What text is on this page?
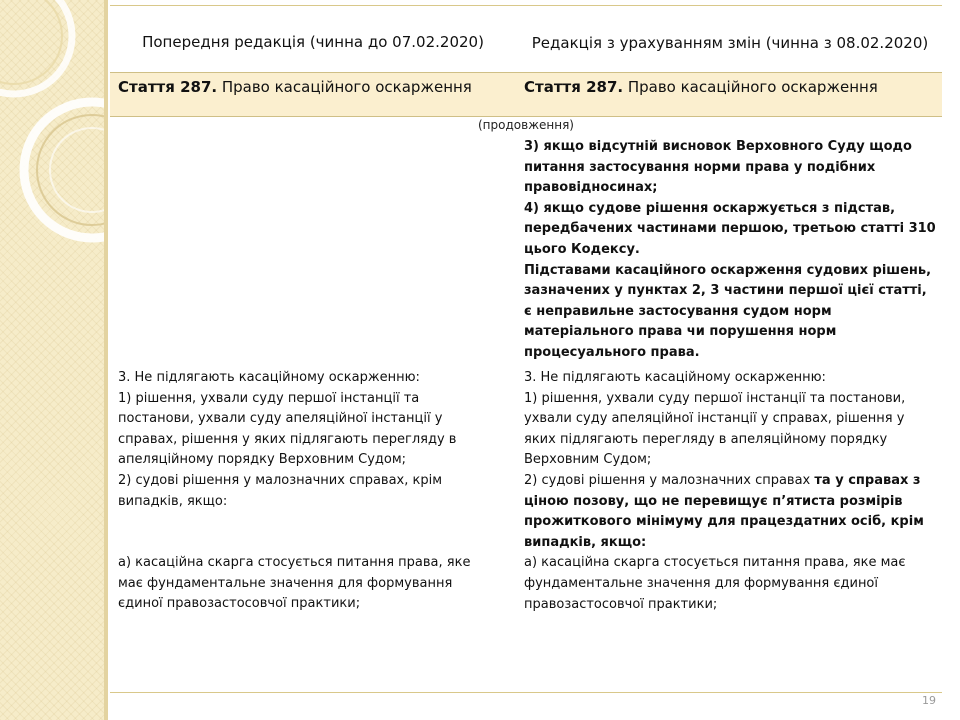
Попередня редакція (чинна до 07.02.2020)	Редакція з урахуванням змін (чинна з 08.02.2020)
Стаття 287. Право касаційного оскарження	Стаття 287. Право касаційного оскарження
(продовження)

3) якщо відсутній висновок Верховного Суду щодо питання застосування норми права у подібних правовідносинах;

4) якщо судове рішення оскаржується з підстав, передбачених частинами першою, третьою статті 310 цього Кодексу.

Підставами касаційного оскарження судових рішень, зазначених у пунктах 2, 3 частини першої цієї статті, є неправильне застосування судом норм матеріального права чи порушення норм процесуального права.

3. Не підлягають касаційному оскарженню:

1) рішення, ухвали суду першої інстанції та постанови, ухвали суду апеляційної інстанції у справах, рішення у яких підлягають перегляду в апеляційному порядку Верховним Судом;

2) судові рішення у малозначних справах, крім випадків, якщо:

а) касаційна скарга стосується питання права, яке має фундаментальне значення для формування єдиної правозастосовчої практики;

3. Не підлягають касаційному оскарженню:

1) рішення, ухвали суду першої інстанції та постанови, ухвали суду апеляційної інстанції у справах, рішення у яких підлягають перегляду в апеляційному порядку Верховним Судом;

2) судові рішення у малозначних справах та у справах з ціною позову, що не перевищує п’ятиста розмірів прожиткового мінімуму для працездатних осіб, крім випадків, якщо:

а) касаційна скарга стосується питання права, яке має фундаментальне значення для формування єдиної правозастосовчої практики;

19
